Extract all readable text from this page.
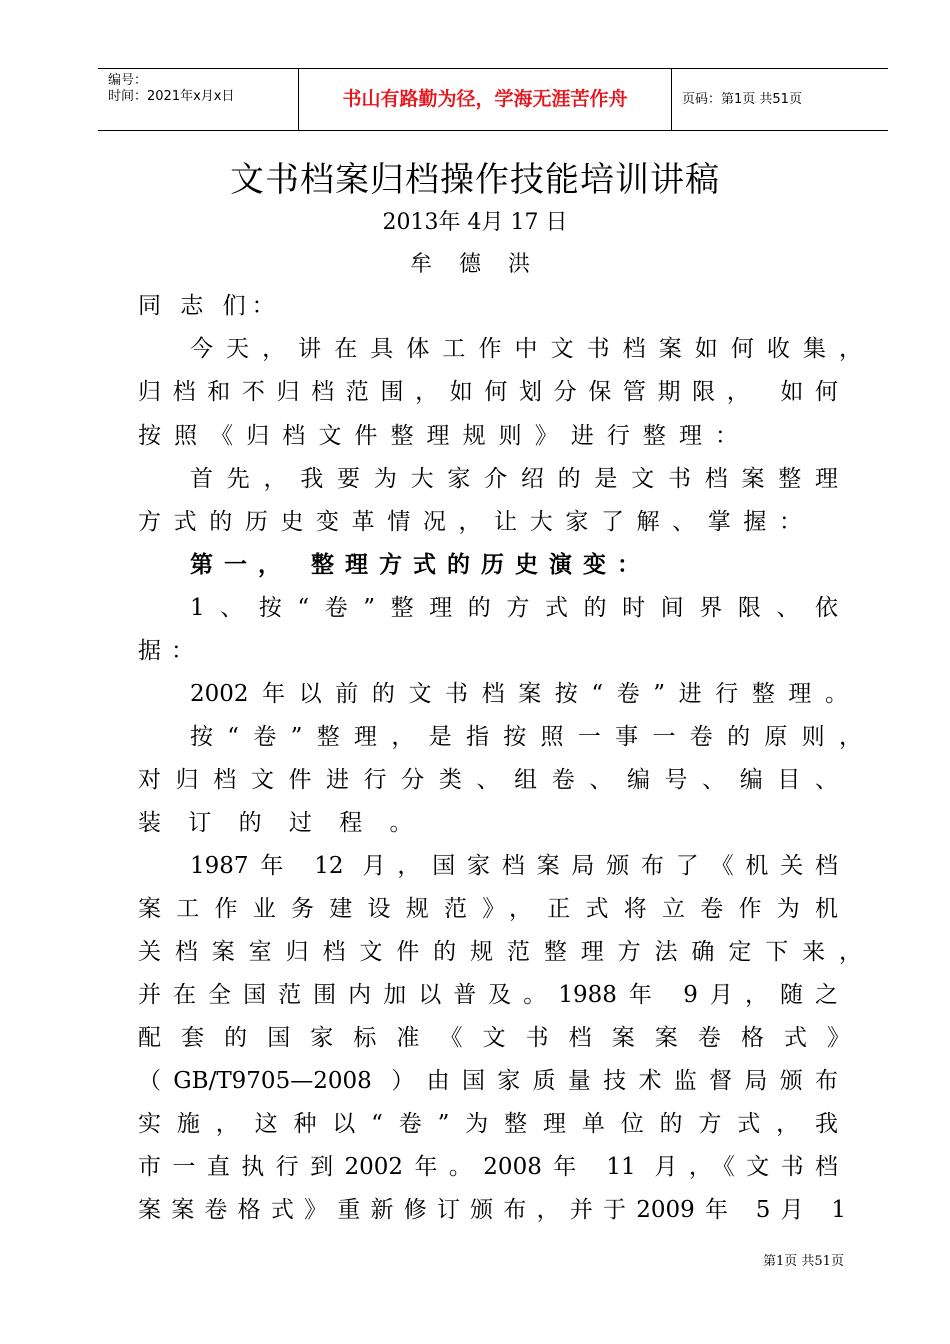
编号：
时间：2021年x月x日	书山有路勤为径，学海无涯苦作舟	页码：第1页 共51页
文书档案归档操作技能培训讲稿
2013年 4月 17 日
牟 德 洪
同 志 们：
今天，讲在具体工作中文书档案如何收集，
归档和不归档范围，如何划分保管期限， 如何
按照《归档文件整理规则》进行整理：
首先，我要为大家介绍的是文书档案整理
方式的历史变革情况，让大家了解、掌握：
第一， 整理方式的历史演变：
1、按“卷”整理的方式的时间界限、依
据：
2002年以前的文书档案按“卷”进行整理。
按“卷”整理，是指按照一事一卷的原则，
对归档文件进行分类、组卷、编号、编目、
装 订 的 过 程 。
1987年 12 月，国家档案局颁布了《机关档
案工作业务建设规范》，正式将立卷作为机
关档案室归档文件的规范整理方法确定下来，
并在全国范围内加以普及。1988年 9月，随之
配套的国家标准《文书档案案卷格式》
（GB/T9705—2008 ）由国家质量技术监督局颁布
实施，这种以“卷”为整理单位的方式，我
市一直执行到2002年。2008年 11 月，《文书档
案案卷格式》重新修订颁布，并于2009年 5月 1
第1页 共51页
